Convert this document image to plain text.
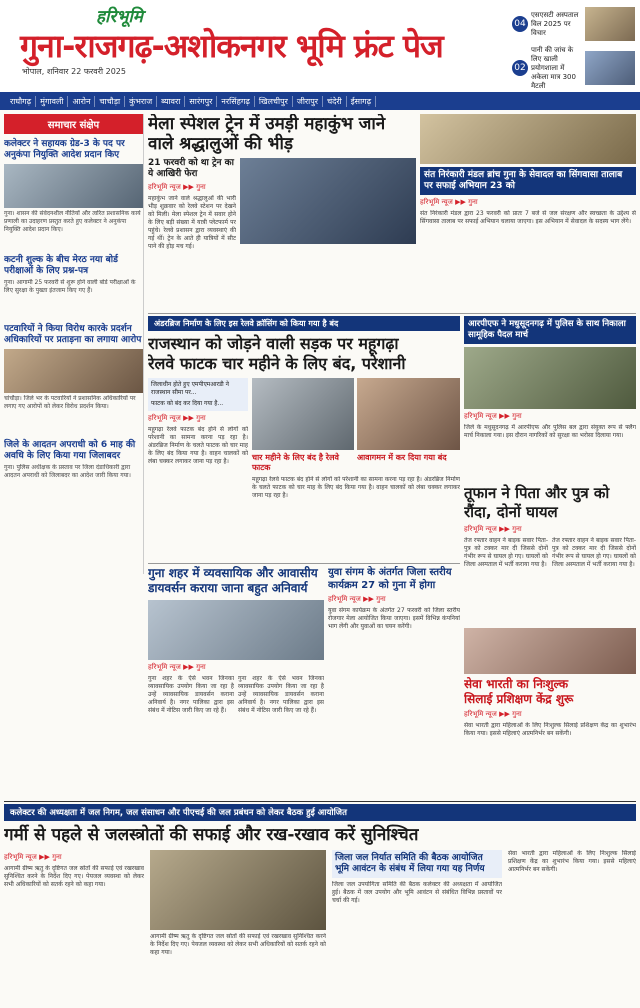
हरिभूमि
गुना-राजगढ़-अशोकनगर भूमि फ्रंट पेज
भोपाल, शनिवार 22 फरवरी 2025
04
एसएसटी अस्पताल विल 2025 पर विचार
02
पानी की जांच के लिए खाली प्रयोगशाला में अकेला मात्र 300 मैटली
राघौगढ़	मुंगावली	आरोन	चाचौड़ा	कुंभराज	ब्यावरा	सारंगपुर	नरसिंहगढ़	खिलचीपुर	जीरापुर	चंदेरी	ईसागढ़
समाचार संक्षेप
कलेक्टर ने सहायक ग्रेड-3 के पद पर अनुकंपा नियुक्ति आदेश प्रदान किए
गुना। शासन की संवेदनशील नीतियों और त्वरित प्रशासनिक कार्य प्रणाली का उदाहरण प्रस्तुत करते हुए कलेक्टर ने अनुकंपा नियुक्ति आदेश प्रदान किए।
कटनी शुल्क के बीच मेरठ नया बोर्ड परीक्षाओं के लिए प्रश्न-पत्र
गुना। आगामी 25 फरवरी से शुरू होने वाली बोर्ड परीक्षाओं के लिए सुरक्षा के पुख्ता इंतजाम किए गए हैं।
पटवारियों ने किया विरोध कारके प्रदर्शन अधिकारियों पर प्रताड़ना का लगाया आरोप
चांचौड़ा। जिले भर के पटवारियों ने प्रशासनिक अधिकारियों पर लगाए गए आरोपों को लेकर विरोध प्रदर्शन किया।
जिले के आदतन अपराधी को 6 माह की अवधि के लिए किया गया जिलाबदर
गुना। पुलिस अधीक्षक के प्रस्ताव पर जिला दंडाधिकारी द्वारा आदतन अपराधी को जिलाबदर का आदेश जारी किया गया।
मेला स्पेशल ट्रेन में उमड़ी महाकुंभ जाने वाले श्रद्धालुओं की भीड़
21 फरवरी को था ट्रेन का ये आखिरी फेरा
हरिभूमि न्यूज ▶▶ गुना
महाकुंभ जाने वाले श्रद्धालुओं की भारी भीड़ शुक्रवार को रेलवे स्टेशन पर देखने को मिली। मेला स्पेशल ट्रेन में सवार होने के लिए बड़ी संख्या में यात्री प्लेटफार्म पर पहुंचे। रेलवे प्रशासन द्वारा व्यवस्थाएं की गई थीं। ट्रेन के आते ही यात्रियों में सीट पाने की होड़ मच गई।
संत निरंकारी मंडल ब्रांच गुना के सेवादल का सिंगवासा तालाब पर सफाई अभियान 23 को
हरिभूमि न्यूज ▶▶ गुना
संत निरंकारी मंडल द्वारा 23 फरवरी को प्रातः 7 बजे से जल संरक्षण और स्वच्छता के उद्देश्य से सिंगवासा तालाब पर सफाई अभियान चलाया जाएगा। इस अभियान में सेवादल के सदस्य भाग लेंगे।
अंडरब्रिज निर्माण के लिए इस रेलवे क्रॉसिंग को किया गया है बंद
राजस्थान को जोड़ने वाली सड़क पर महूगढ़ा
रेलवे फाटक चार महीने के लिए बंद, परेशानी
जिलाधीन होते हुए एमपीएमआरडी ने राजस्थान सीमा पर...
फाटक को बंद कर दिया गया है...
हरिभूमि न्यूज ▶▶ गुना
महूगढ़ा रेलवे फाटक बंद होने से लोगों को परेशानी का सामना करना पड़ रहा है। अंडरब्रिज निर्माण के चलते फाटक को चार माह के लिए बंद किया गया है। वाहन चालकों को लंबा चक्कर लगाकर जाना पड़ रहा है।	चार महीने के लिए बंद है रेलवे फाटक
आवागमन में कर दिया गया बंद
महूगढ़ा रेलवे फाटक बंद होने से लोगों को परेशानी का सामना करना पड़ रहा है। अंडरब्रिज निर्माण के चलते फाटक को चार माह के लिए बंद किया गया है। वाहन चालकों को लंबा चक्कर लगाकर जाना पड़ रहा है।
आरपीएफ ने मधुसूदनगढ़ में पुलिस के साथ निकाला सामूहिक पैदल मार्च
हरिभूमि न्यूज ▶▶ गुना
जिले के मधुसूदनगढ़ में आरपीएफ और पुलिस बल द्वारा संयुक्त रूप से फ्लैग मार्च निकाला गया। इस दौरान नागरिकों को सुरक्षा का भरोसा दिलाया गया।
तूफान ने पिता और पुत्र को रौंदा, दोनों घायल
हरिभूमि न्यूज ▶▶ गुना
तेज रफ्तार वाहन ने बाइक सवार पिता-पुत्र को टक्कर मार दी जिससे दोनों गंभीर रूप से घायल हो गए। घायलों को जिला अस्पताल में भर्ती कराया गया है।
तेज रफ्तार वाहन ने बाइक सवार पिता-पुत्र को टक्कर मार दी जिससे दोनों गंभीर रूप से घायल हो गए। घायलों को जिला अस्पताल में भर्ती कराया गया है।
गुना शहर में व्यवसायिक और आवासीय
डायवर्सन कराया जाना बहुत अनिवार्य
हरिभूमि न्यूज ▶▶ गुना
गुना शहर के ऐसे भवन जिनका व्यावसायिक उपयोग किया जा रहा है उन्हें व्यावसायिक डायवर्सन कराना अनिवार्य है। नगर पालिका द्वारा इस संबंध में नोटिस जारी किए जा रहे हैं।
गुना शहर के ऐसे भवन जिनका व्यावसायिक उपयोग किया जा रहा है उन्हें व्यावसायिक डायवर्सन कराना अनिवार्य है। नगर पालिका द्वारा इस संबंध में नोटिस जारी किए जा रहे हैं।
युवा संगम के अंतर्गत जिला स्तरीय
कार्यक्रम 27 को गुना में होगा
हरिभूमि न्यूज ▶▶ गुना
युवा संगम कार्यक्रम के अंतर्गत 27 फरवरी को जिला स्तरीय रोजगार मेला आयोजित किया जाएगा। इसमें विभिन्न कंपनियां भाग लेंगी और युवाओं का चयन करेंगी।
सेवा भारती का निःशुल्क
सिलाई प्रशिक्षण केंद्र शुरू
हरिभूमि न्यूज ▶▶ गुना
सेवा भारती द्वारा महिलाओं के लिए निःशुल्क सिलाई प्रशिक्षण केंद्र का शुभारंभ किया गया। इससे महिलाएं आत्मनिर्भर बन सकेंगी।
कलेक्टर की अध्यक्षता में जल निगम, जल संसाधन और पीएचई की जल प्रबंधन को लेकर बैठक हुई आयोजित
गर्मी से पहले से जलस्त्रोतों की सफाई और रख-रखाव करें सुनिश्चित
हरिभूमि न्यूज ▶▶ गुना
आगामी ग्रीष्म ऋतु के दृष्टिगत जल स्रोतों की सफाई एवं रखरखाव सुनिश्चित करने के निर्देश दिए गए। पेयजल व्यवस्था को लेकर सभी अधिकारियों को सतर्क रहने को कहा गया।
आगामी ग्रीष्म ऋतु के दृष्टिगत जल स्रोतों की सफाई एवं रखरखाव सुनिश्चित करने के निर्देश दिए गए। पेयजल व्यवस्था को लेकर सभी अधिकारियों को सतर्क रहने को कहा गया।
जिला जल निर्यात समिति की बैठक आयोजित भूमि आवंटन के संबंध में लिया गया यह निर्णय
जिला जल उपयोगिता समिति की बैठक कलेक्टर की अध्यक्षता में आयोजित हुई। बैठक में जल उपयोग और भूमि आवंटन से संबंधित विभिन्न प्रस्तावों पर चर्चा की गई।
सेवा भारती द्वारा महिलाओं के लिए निःशुल्क सिलाई प्रशिक्षण केंद्र का शुभारंभ किया गया। इससे महिलाएं आत्मनिर्भर बन सकेंगी।
